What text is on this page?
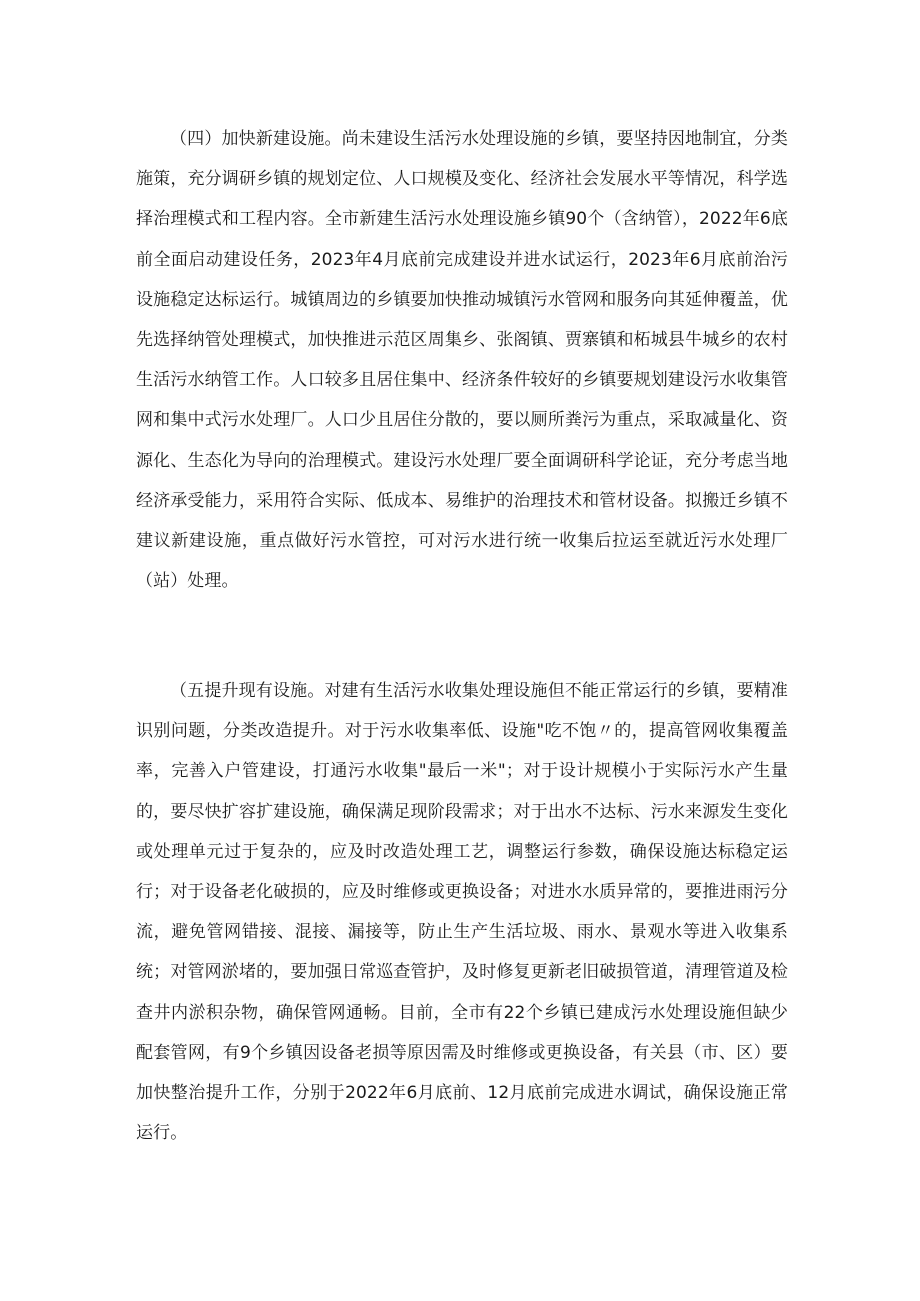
（四）加快新建设施。尚未建设生活污水处理设施的乡镇，要坚持因地制宜，分类施策，充分调研乡镇的规划定位、人口规模及变化、经济社会发展水平等情况，科学选择治理模式和工程内容。全市新建生活污水处理设施乡镇90个（含纳管），2022年6底前全面启动建设任务，2023年4月底前完成建设并进水试运行，2023年6月底前治污设施稳定达标运行。城镇周边的乡镇要加快推动城镇污水管网和服务向其延伸覆盖，优先选择纳管处理模式，加快推进示范区周集乡、张阁镇、贾寨镇和柘城县牛城乡的农村生活污水纳管工作。人口较多且居住集中、经济条件较好的乡镇要规划建设污水收集管网和集中式污水处理厂。人口少且居住分散的，要以厕所粪污为重点，采取减量化、资源化、生态化为导向的治理模式。建设污水处理厂要全面调研科学论证，充分考虑当地经济承受能力，采用符合实际、低成本、易维护的治理技术和管材设备。拟搬迁乡镇不建议新建设施，重点做好污水管控，可对污水进行统一收集后拉运至就近污水处理厂（站）处理。

（五提升现有设施。对建有生活污水收集处理设施但不能正常运行的乡镇，要精准识别问题，分类改造提升。对于污水收集率低、设施"吃不饱〃的，提高管网收集覆盖率，完善入户管建设，打通污水收集"最后一米"；对于设计规模小于实际污水产生量的，要尽快扩容扩建设施，确保满足现阶段需求；对于出水不达标、污水来源发生变化或处理单元过于复杂的，应及时改造处理工艺，调整运行参数，确保设施达标稳定运行；对于设备老化破损的，应及时维修或更换设备；对进水水质异常的，要推进雨污分流，避免管网错接、混接、漏接等，防止生产生活垃圾、雨水、景观水等进入收集系统；对管网淤堵的，要加强日常巡查管护，及时修复更新老旧破损管道，清理管道及检查井内淤积杂物，确保管网通畅。目前，全市有22个乡镇已建成污水处理设施但缺少配套管网，有9个乡镇因设备老损等原因需及时维修或更换设备，有关县（市、区）要加快整治提升工作，分别于2022年6月底前、12月底前完成进水调试，确保设施正常运行。
